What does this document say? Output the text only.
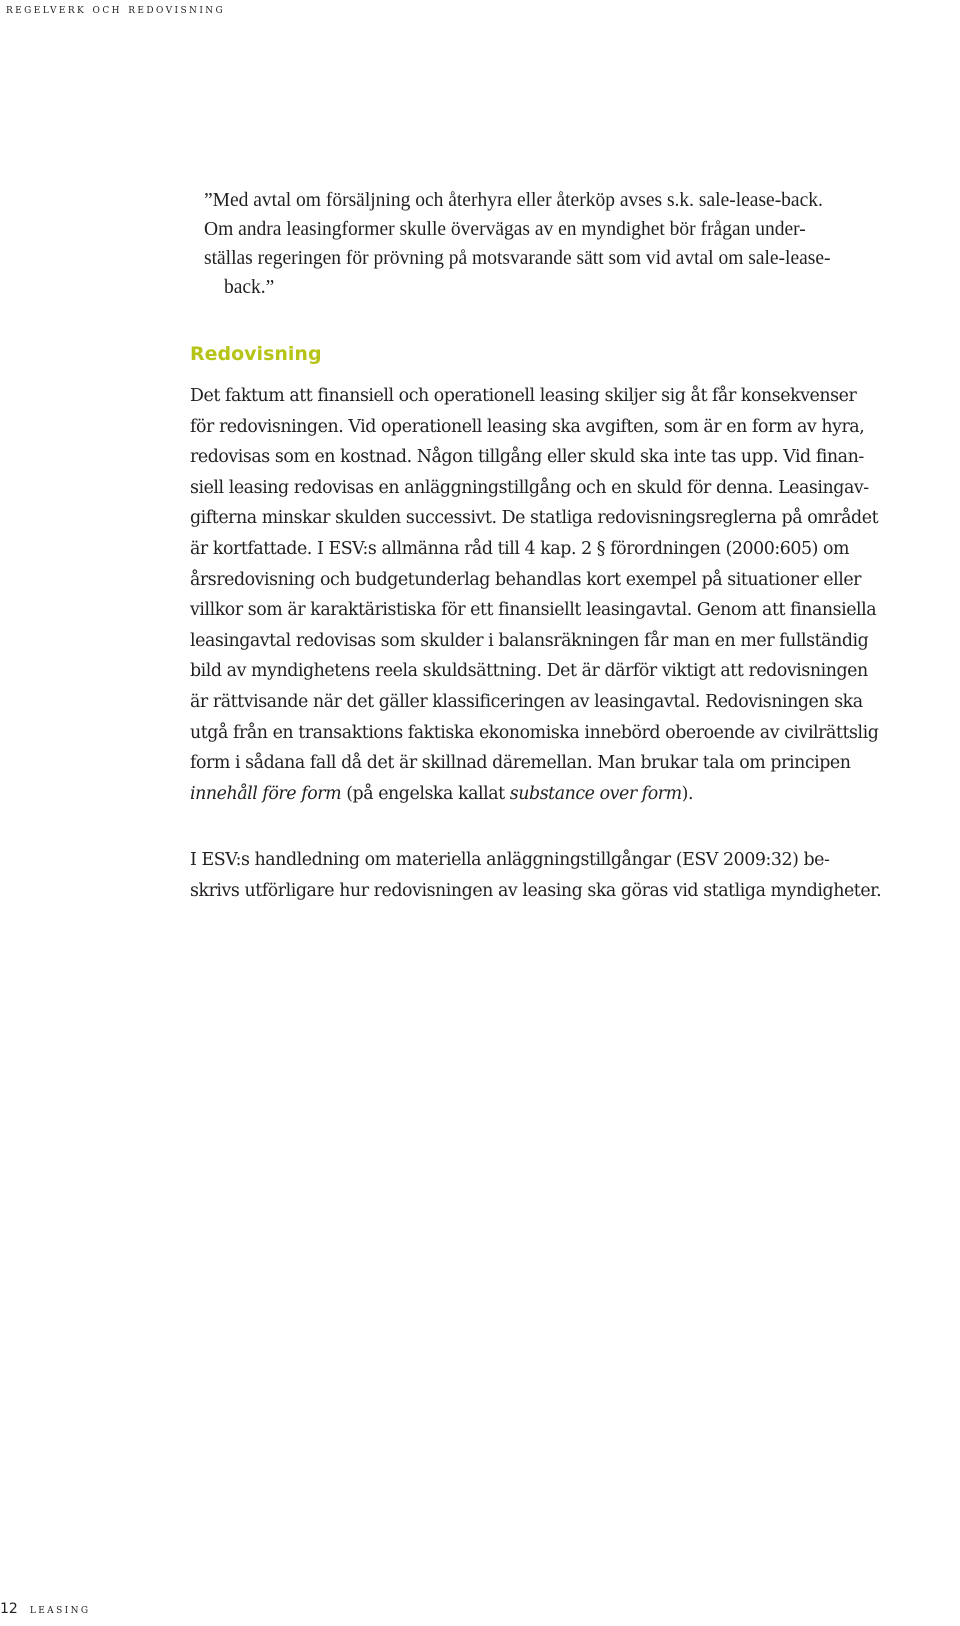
regelverk och redovisning

”Med avtal om försäljning och återhyra eller återköp avses s.k. sale-lease-back.
Om andra leasingformer skulle övervägas av en myndighet bör frågan under-
ställas regeringen för prövning på motsvarande sätt som vid avtal om sale-lease-
back.”

Redovisning

Det faktum att finansiell och operationell leasing skiljer sig åt får konsekvenser
för redovisningen. Vid operationell leasing ska avgiften, som är en form av hyra,
redovisas som en kostnad. Någon tillgång eller skuld ska inte tas upp. Vid finan-
siell leasing redovisas en anläggningstillgång och en skuld för denna. Leasingav-
gifterna minskar skulden successivt. De statliga redovisningsreglerna på området
är kortfattade. I ESV:s allmänna råd till 4 kap. 2 § förordningen (2000:605) om
årsredovisning och budgetunderlag behandlas kort exempel på situationer eller
villkor som är karaktäristiska för ett finansiellt leasingavtal. Genom att finansiella
leasingavtal redovisas som skulder i balansräkningen får man en mer fullständig
bild av myndighetens reela skuldsättning. Det är därför viktigt att redovisningen
är rättvisande när det gäller klassificeringen av leasingavtal. Redovisningen ska
utgå från en transaktions faktiska ekonomiska innebörd oberoende av civilrättslig
form i sådana fall då det är skillnad däremellan. Man brukar tala om principen
innehåll före form (på engelska kallat substance over form).

I ESV:s handledning om materiella anläggningstillgångar (ESV 2009:32) be-
skrivs utförligare hur redovisningen av leasing ska göras vid statliga myndigheter.

12 leasing
